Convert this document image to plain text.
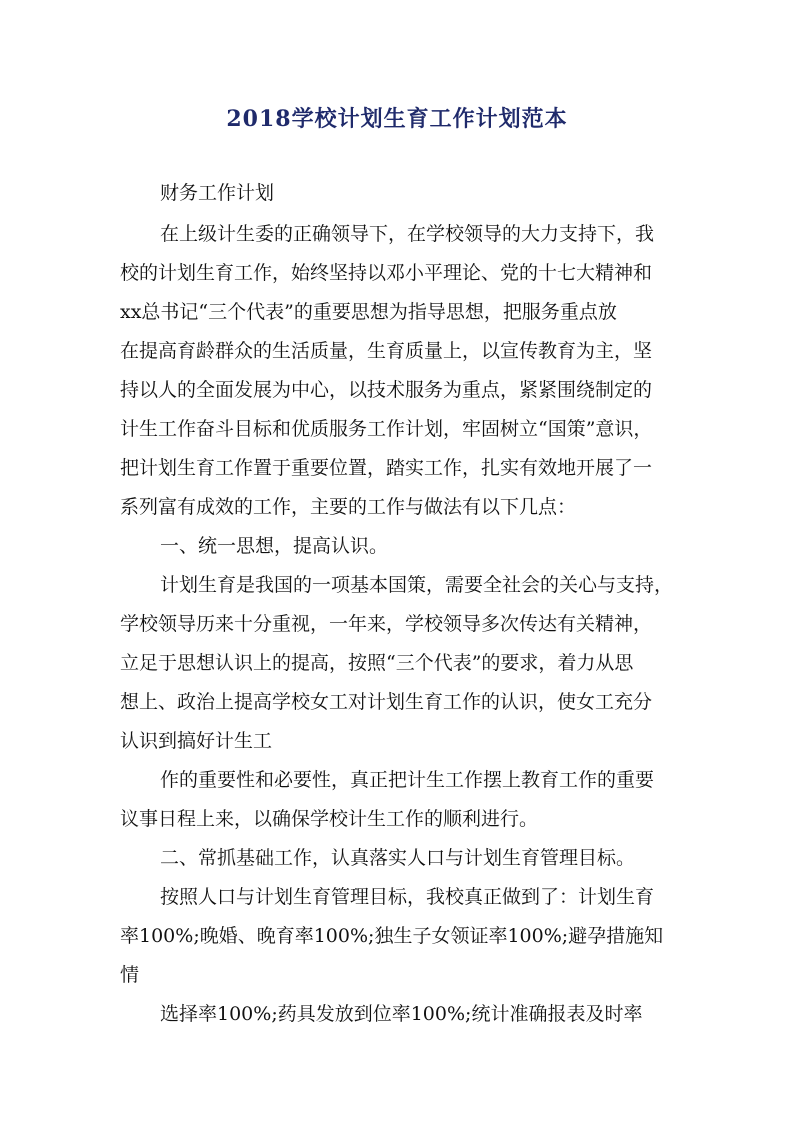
2018学校计划生育工作计划范本

财务工作计划

在上级计生委的正确领导下，在学校领导的大力支持下，我

校的计划生育工作，始终坚持以邓小平理论、党的十七大精神和

xx总书记“三个代表”的重要思想为指导思想，把服务重点放

在提高育龄群众的生活质量，生育质量上，以宣传教育为主，坚

持以人的全面发展为中心，以技术服务为重点，紧紧围绕制定的

计生工作奋斗目标和优质服务工作计划，牢固树立“国策”意识，

把计划生育工作置于重要位置，踏实工作，扎实有效地开展了一

系列富有成效的工作，主要的工作与做法有以下几点：

一、统一思想，提高认识。

计划生育是我国的一项基本国策，需要全社会的关心与支持，

学校领导历来十分重视，一年来，学校领导多次传达有关精神，

立足于思想认识上的提高，按照“三个代表”的要求，着力从思

想上、政治上提高学校女工对计划生育工作的认识，使女工充分

认识到搞好计生工

作的重要性和必要性，真正把计生工作摆上教育工作的重要

议事日程上来，以确保学校计生工作的顺利进行。

二、常抓基础工作，认真落实人口与计划生育管理目标。

按照人口与计划生育管理目标，我校真正做到了：计划生育

率100%;晚婚、晚育率100%;独生子女领证率100%;避孕措施知

情

选择率100%;药具发放到位率100%;统计准确报表及时率
